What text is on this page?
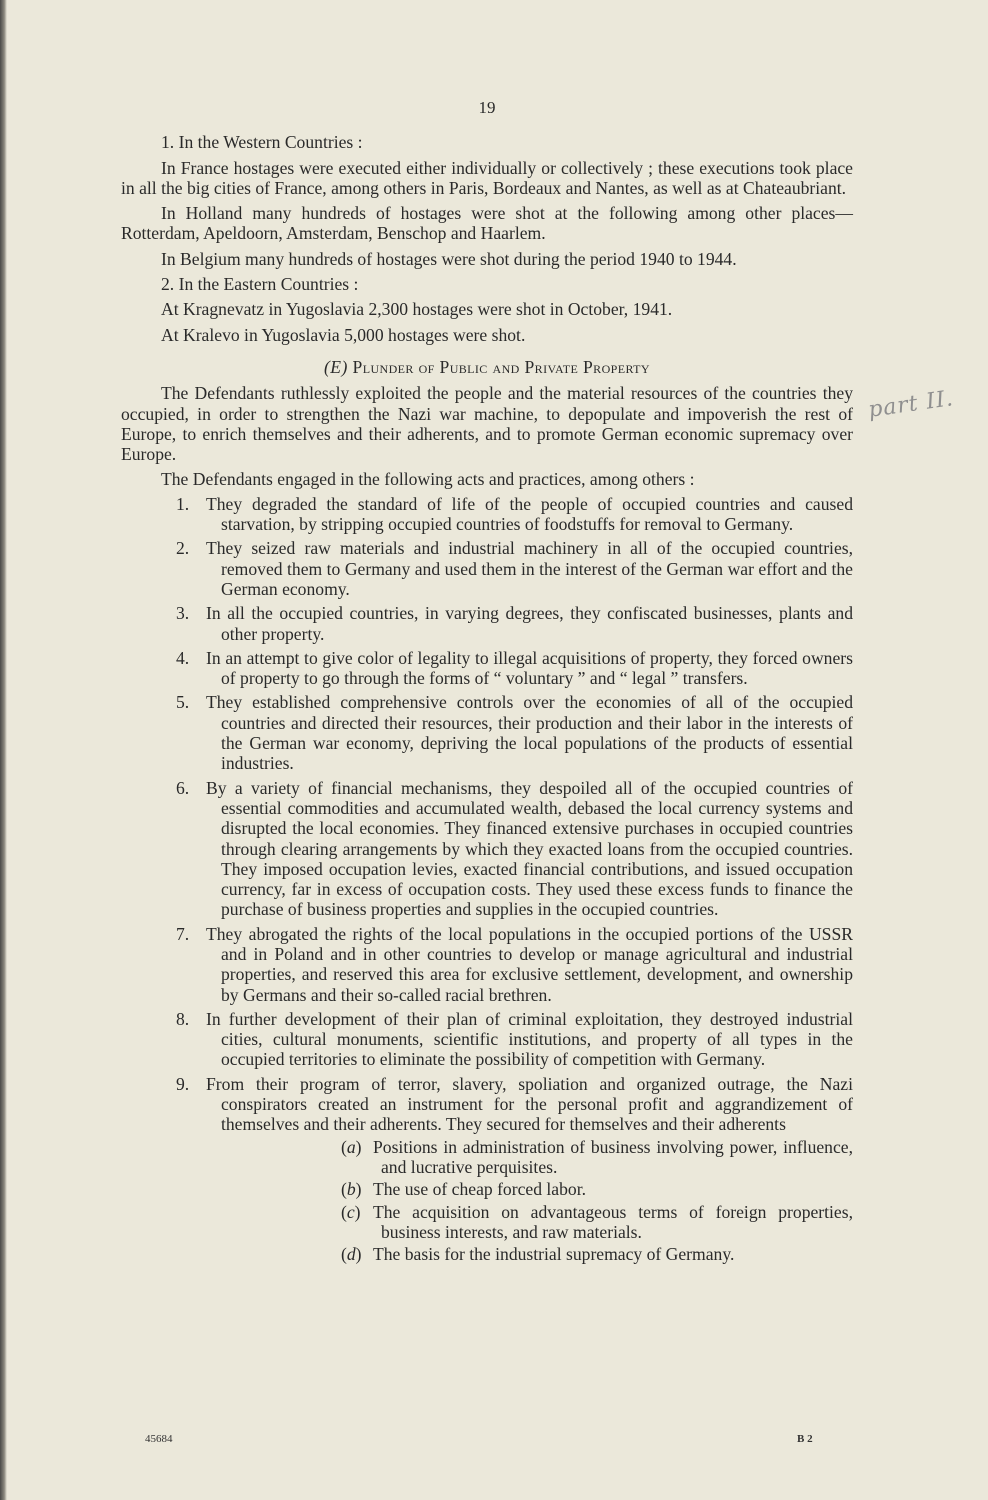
19

1. In the Western Countries :

In France hostages were executed either individually or collectively ; these executions took place in all the big cities of France, among others in Paris, Bordeaux and Nantes, as well as at Chateaubriant.

In Holland many hundreds of hostages were shot at the following among other places—Rotterdam, Apeldoorn, Amsterdam, Benschop and Haarlem.

In Belgium many hundreds of hostages were shot during the period 1940 to 1944.

2. In the Eastern Countries :

At Kragnevatz in Yugoslavia 2,300 hostages were shot in October, 1941.

At Kralevo in Yugoslavia 5,000 hostages were shot.

(E) Plunder of Public and Private Property

The Defendants ruthlessly exploited the people and the material resources of the countries they occupied, in order to strengthen the Nazi war machine, to depopulate and impoverish the rest of Europe, to enrich themselves and their adherents, and to promote German economic supremacy over Europe.

The Defendants engaged in the following acts and practices, among others :

1. They degraded the standard of life of the people of occupied countries and caused starvation, by stripping occupied countries of foodstuffs for removal to Germany.
2. They seized raw materials and industrial machinery in all of the occupied countries, removed them to Germany and used them in the interest of the German war effort and the German economy.
3. In all the occupied countries, in varying degrees, they confiscated businesses, plants and other property.
4. In an attempt to give color of legality to illegal acquisitions of property, they forced owners of property to go through the forms of “ voluntary ” and “ legal ” transfers.
5. They established comprehensive controls over the economies of all of the occupied countries and directed their resources, their production and their labor in the interests of the German war economy, depriving the local populations of the products of essential industries.
6. By a variety of financial mechanisms, they despoiled all of the occupied countries of essential commodities and accumulated wealth, debased the local currency systems and disrupted the local economies. They financed extensive purchases in occupied countries through clearing arrangements by which they exacted loans from the occupied countries. They imposed occupation levies, exacted financial contributions, and issued occupation currency, far in excess of occupation costs. They used these excess funds to finance the purchase of business properties and supplies in the occupied countries.
7. They abrogated the rights of the local populations in the occupied portions of the USSR and in Poland and in other countries to develop or manage agricultural and industrial properties, and reserved this area for exclusive settlement, development, and ownership by Germans and their so-called racial brethren.
8. In further development of their plan of criminal exploitation, they destroyed industrial cities, cultural monuments, scientific institutions, and property of all types in the occupied territories to eliminate the possibility of competition with Germany.
9. From their program of terror, slavery, spoliation and organized outrage, the Nazi conspirators created an instrument for the personal profit and aggrandizement of themselves and their adherents. They secured for themselves and their adherents
(a) Positions in administration of business involving power, influence, and lucrative perquisites.
(b) The use of cheap forced labor.
(c) The acquisition on advantageous terms of foreign properties, business interests, and raw materials.
(d) The basis for the industrial supremacy of Germany.
part II.
45684	B 2
